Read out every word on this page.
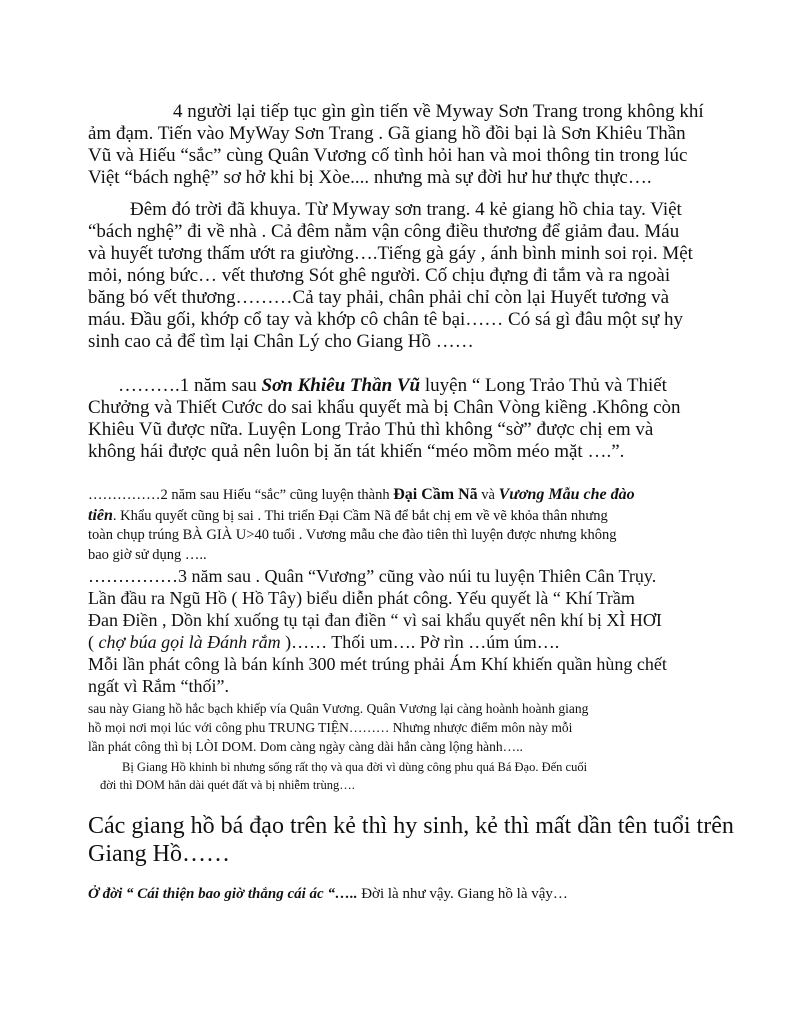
4 người lại tiếp tục gìn gìn tiến về Myway Sơn Trang trong không khí
ảm đạm. Tiến vào MyWay Sơn Trang . Gã giang hồ đồi bại là Sơn Khiêu Thần
Vũ và Hiếu “sắc” cùng Quân Vương cố tình hỏi han và moi thông tin trong lúc
Việt “bách nghệ” sơ hở khi bị Xòe.... nhưng mà sự đời hư hư thực thực….
Đêm đó trời đã khuya. Từ Myway sơn trang. 4 kẻ giang hồ chia tay. Việt
“bách nghệ” đi về nhà . Cả đêm nằm vận công điều thương để giảm đau. Máu
và huyết tương thấm ướt ra giường….Tiếng gà gáy , ánh bình minh soi rọi. Mệt
mỏi, nóng bức… vết thương Sót ghê người. Cố chịu đựng đi tắm và ra ngoài
băng bó vết thương………Cả tay phải, chân phải chỉ còn lại Huyết tương và
máu. Đầu gối, khớp cổ tay và khớp cô chân tê bại…… Có sá gì đâu một sự hy
sinh cao cả để tìm lại Chân Lý cho Giang Hồ ……
……….1 năm sau Sơn Khiêu Thần Vũ luyện “ Long Trảo Thủ và Thiết
Chưởng và Thiết Cước do sai khẩu quyết mà bị Chân Vòng kiềng .Không còn
Khiêu Vũ được nữa. Luyện Long Trảo Thủ thì không “sờ” được chị em và
không hái được quả nên luôn bị ăn tát khiến “méo mồm méo mặt ….”.
……………2 năm sau Hiếu “sắc” cũng luyện thành Đại Cầm Nã và Vương Mẫu che đào
tiên. Khẩu quyết cũng bị sai . Thi triển Đại Cầm Nã để bắt chị em về vẽ khỏa thân nhưng
toàn chụp trúng BÀ GIÀ U>40 tuổi . Vương mẫu che đào tiên thì luyện được nhưng không
bao giờ sử dụng …..
……………3 năm sau . Quân “Vương” cũng vào núi tu luyện Thiên Cân Trụy.
Lần đầu ra Ngũ Hồ ( Hồ Tây) biểu diễn phát công. Yếu quyết là “ Khí Trầm
Đan Điền , Dồn khí xuống tụ tại đan điền “ vì sai khẩu quyết nên khí bị XÌ HƠI
( chợ búa gọi là Đánh rắm )…… Thối um…. Pờ rìn …úm úm….
Mỗi lần phát công là bán kính 300 mét trúng phải Ám Khí khiến quần hùng chết
ngất vì Rắm “thối”.
sau này Giang hồ hắc bạch khiếp vía Quân Vương. Quân Vương lại càng hoành hoành giang
hồ mọi nơi mọi lúc với công phu TRUNG TIỆN……… Nhưng nhược điểm môn này mỗi
lần phát công thì bị LÒI DOM. Dom càng ngày càng dài hắn càng lộng hành…..
Bị Giang Hồ khinh bỉ nhưng sống rất thọ và qua đời vì dùng công phu quá Bá Đạo. Đến cuối
đời thì DOM hắn dài quét đất và bị nhiễm trùng….
Các giang hồ bá đạo trên kẻ thì hy sinh, kẻ thì mất dần tên tuổi trên
Giang Hồ……
Ở đời “ Cái thiện bao giờ thắng cái ác “….. Đời là như vậy. Giang hồ là vậy…
